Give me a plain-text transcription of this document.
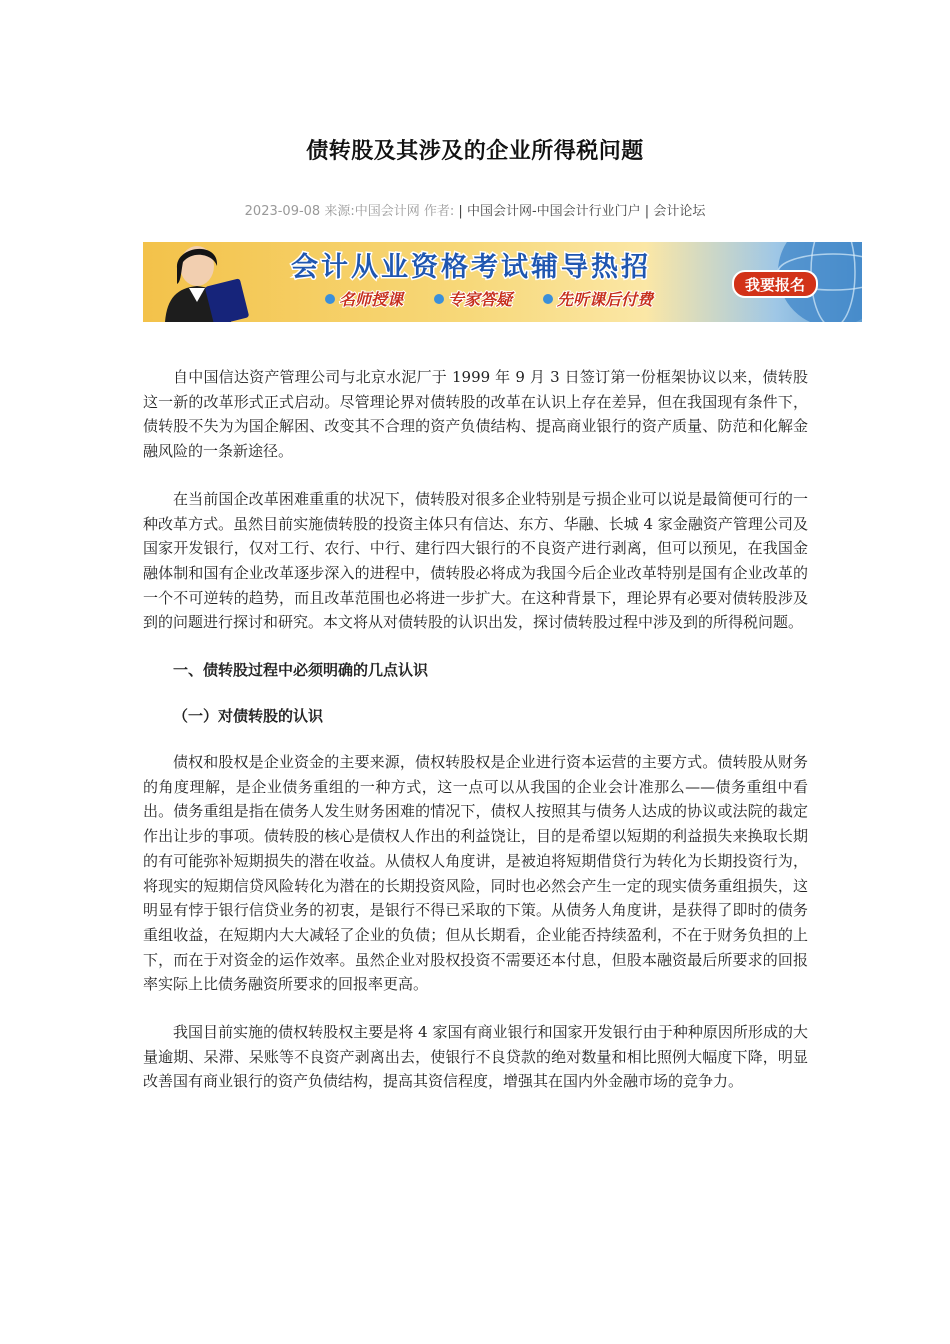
债转股及其涉及的企业所得税问题
2023-09-08 来源:中国会计网 作者: | 中国会计网-中国会计行业门户 | 会计论坛
会计从业资格考试辅导热招
名师授课	专家答疑	先听课后付费
我要报名

自中国信达资产管理公司与北京水泥厂于 1999 年 9 月 3 日签订第一份框架协议以来，债转股这一新的改革形式正式启动。尽管理论界对债转股的改革在认识上存在差异，但在我国现有条件下，债转股不失为为国企解困、改变其不合理的资产负债结构、提高商业银行的资产质量、防范和化解金融风险的一条新途径。

在当前国企改革困难重重的状况下，债转股对很多企业特别是亏损企业可以说是最简便可行的一种改革方式。虽然目前实施债转股的投资主体只有信达、东方、华融、长城 4 家金融资产管理公司及国家开发银行，仅对工行、农行、中行、建行四大银行的不良资产进行剥离，但可以预见，在我国金融体制和国有企业改革逐步深入的进程中，债转股必将成为我国今后企业改革特别是国有企业改革的一个不可逆转的趋势，而且改革范围也必将进一步扩大。在这种背景下，理论界有必要对债转股涉及到的问题进行探讨和研究。本文将从对债转股的认识出发，探讨债转股过程中涉及到的所得税问题。

一、债转股过程中必须明确的几点认识
（一）对债转股的认识

债权和股权是企业资金的主要来源，债权转股权是企业进行资本运营的主要方式。债转股从财务的角度理解，是企业债务重组的一种方式，这一点可以从我国的企业会计准那么——债务重组中看出。债务重组是指在债务人发生财务困难的情况下，债权人按照其与债务人达成的协议或法院的裁定作出让步的事项。债转股的核心是债权人作出的利益饶让，目的是希望以短期的利益损失来换取长期的有可能弥补短期损失的潜在收益。从债权人角度讲，是被迫将短期借贷行为转化为长期投资行为，将现实的短期信贷风险转化为潜在的长期投资风险，同时也必然会产生一定的现实债务重组损失，这明显有悖于银行信贷业务的初衷，是银行不得已采取的下策。从债务人角度讲，是获得了即时的债务重组收益，在短期内大大减轻了企业的负债；但从长期看，企业能否持续盈利，不在于财务负担的上下，而在于对资金的运作效率。虽然企业对股权投资不需要还本付息，但股本融资最后所要求的回报率实际上比债务融资所要求的回报率更高。

我国目前实施的债权转股权主要是将 4 家国有商业银行和国家开发银行由于种种原因所形成的大量逾期、呆滞、呆账等不良资产剥离出去，使银行不良贷款的绝对数量和相比照例大幅度下降，明显改善国有商业银行的资产负债结构，提高其资信程度，增强其在国内外金融市场的竞争力。
